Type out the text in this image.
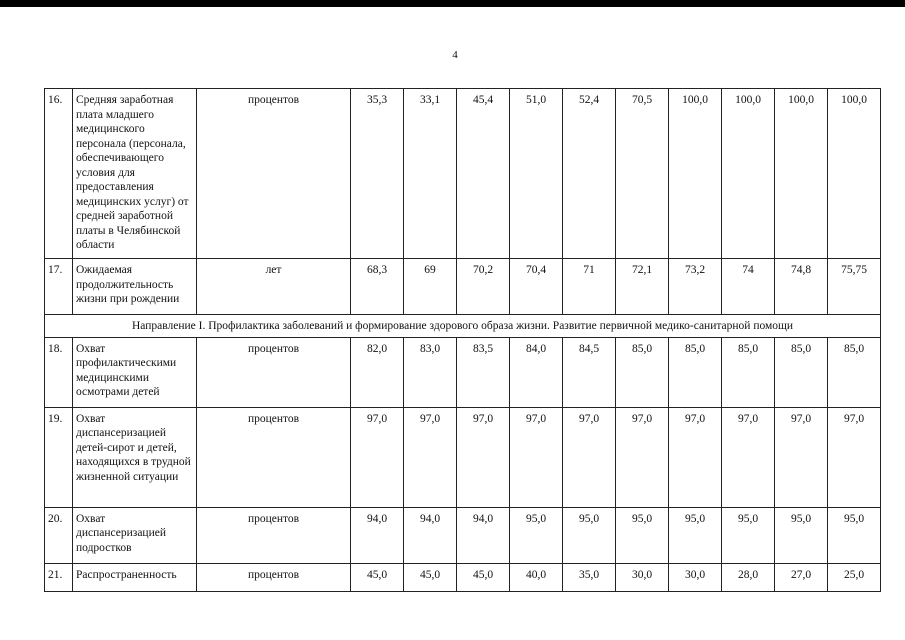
4
16.	Средняя заработная плата младшего медицинского персонала (персонала, обеспечивающего условия для предоставления медицинских услуг) от средней заработной платы в Челябинской области	процентов	35,3	33,1	45,4	51,0	52,4	70,5	100,0	100,0	100,0	100,0
17.	Ожидаемая продолжительность жизни при рождении	лет	68,3	69	70,2	70,4	71	72,1	73,2	74	74,8	75,75
Направление I. Профилактика заболеваний и формирование здорового образа жизни. Развитие первичной медико-санитарной помощи												
18.	Охват профилактическими медицинскими осмотрами детей	процентов	82,0	83,0	83,5	84,0	84,5	85,0	85,0	85,0	85,0	85,0
19.	Охват диспансеризацией детей-сирот и детей, находящихся в трудной жизненной ситуации	процентов	97,0	97,0	97,0	97,0	97,0	97,0	97,0	97,0	97,0	97,0
20.	Охват диспансеризацией подростков	процентов	94,0	94,0	94,0	95,0	95,0	95,0	95,0	95,0	95,0	95,0
21.	Распространенность	процентов	45,0	45,0	45,0	40,0	35,0	30,0	30,0	28,0	27,0	25,0
